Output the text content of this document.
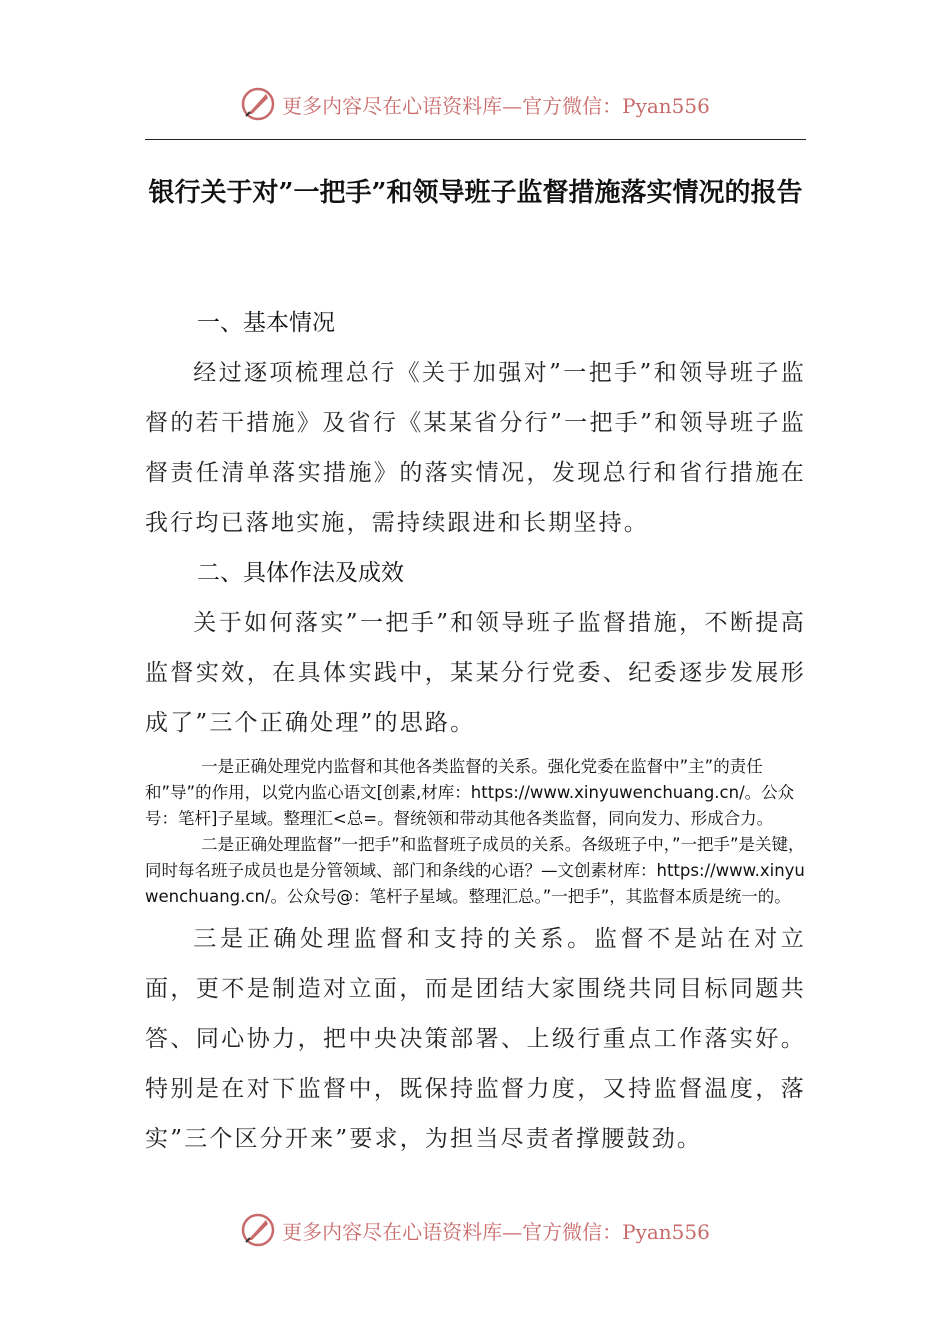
更多内容尽在心语资料库—官方微信：Pyan556
银行关于对”一把手”和领导班子监督措施落实情况的报告

一、基本情况

经过逐项梳理总行《关于加强对”一把手”和领导班子监督的若干措施》及省行《某某省分行”一把手”和领导班子监督责任清单落实措施》的落实情况，发现总行和省行措施在我行均已落地实施，需持续跟进和长期坚持。

二、具体作法及成效

关于如何落实”一把手”和领导班子监督措施，不断提高监督实效，在具体实践中，某某分行党委、纪委逐步发展形成了”三个正确处理”的思路。

一是正确处理党内监督和其他各类监督的关系。强化党委在监督中”主”的责任和”导”的作用，以党内监心语文[创素,材库：https://www.xinyuwenchuang.cn/。公众号：笔杆]子星域。整理汇<总=。督统领和带动其他各类监督，同向发力、形成合力。

二是正确处理监督”一把手”和监督班子成员的关系。各级班子中，”一把手”是关键，同时每名班子成员也是分管领域、部门和条线的心语？—文创素材库：https://www.xinyuwenchuang.cn/。公众号@：笔杆子星域。整理汇总。”一把手”，其监督本质是统一的。

三是正确处理监督和支持的关系。监督不是站在对立面，更不是制造对立面，而是团结大家围绕共同目标同题共答、同心协力，把中央决策部署、上级行重点工作落实好。特别是在对下监督中，既保持监督力度，又持监督温度，落实”三个区分开来”要求，为担当尽责者撑腰鼓劲。

更多内容尽在心语资料库—官方微信：Pyan556
